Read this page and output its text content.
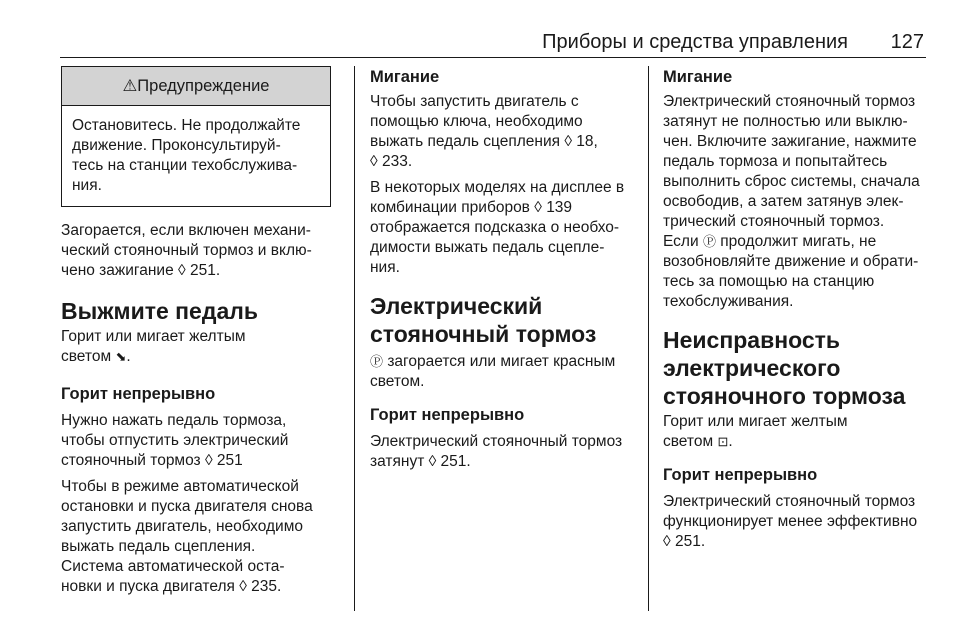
Приборы и средства управления 127
⚠Предупреждение

Остановитесь. Не продолжайте

движение. Проконсультируй-

тесь на станции техобслужива-

ния.

Загорается, если включен механи-

ческий стояночный тормоз и вклю-

чено зажигание ◊ 251.

Выжмите педаль

Горит или мигает желтым

светом ⬊.

Горит непрерывно

Нужно нажать педаль тормоза,

чтобы отпустить электрический

стояночный тормоз ◊ 251

Чтобы в режиме автоматической

остановки и пуска двигателя снова

запустить двигатель, необходимо

выжать педаль сцепления.

Система автоматической оста-

новки и пуска двигателя ◊ 235.

Мигание

Чтобы запустить двигатель с

помощью ключа, необходимо

выжать педаль сцепления ◊ 18,

◊ 233.

В некоторых моделях на дисплее в

комбинации приборов ◊ 139

отображается подсказка о необхо-

димости выжать педаль сцепле-

ния.

Электрический
стояночный тормоз

Ⓟ загорается или мигает красным

светом.

Горит непрерывно

Электрический стояночный тормоз

затянут ◊ 251.

Мигание

Электрический стояночный тормоз

затянут не полностью или выклю-

чен. Включите зажигание, нажмите

педаль тормоза и попытайтесь

выполнить сброс системы, сначала

освободив, а затем затянув элек-

трический стояночный тормоз.

Если Ⓟ продолжит мигать, не

возобновляйте движение и обрати-

тесь за помощью на станцию

техобслуживания.

Неисправность
электрического
стояночного тормоза

Горит или мигает желтым

светом ⊡.

Горит непрерывно

Электрический стояночный тормоз

функционирует менее эффективно

◊ 251.
